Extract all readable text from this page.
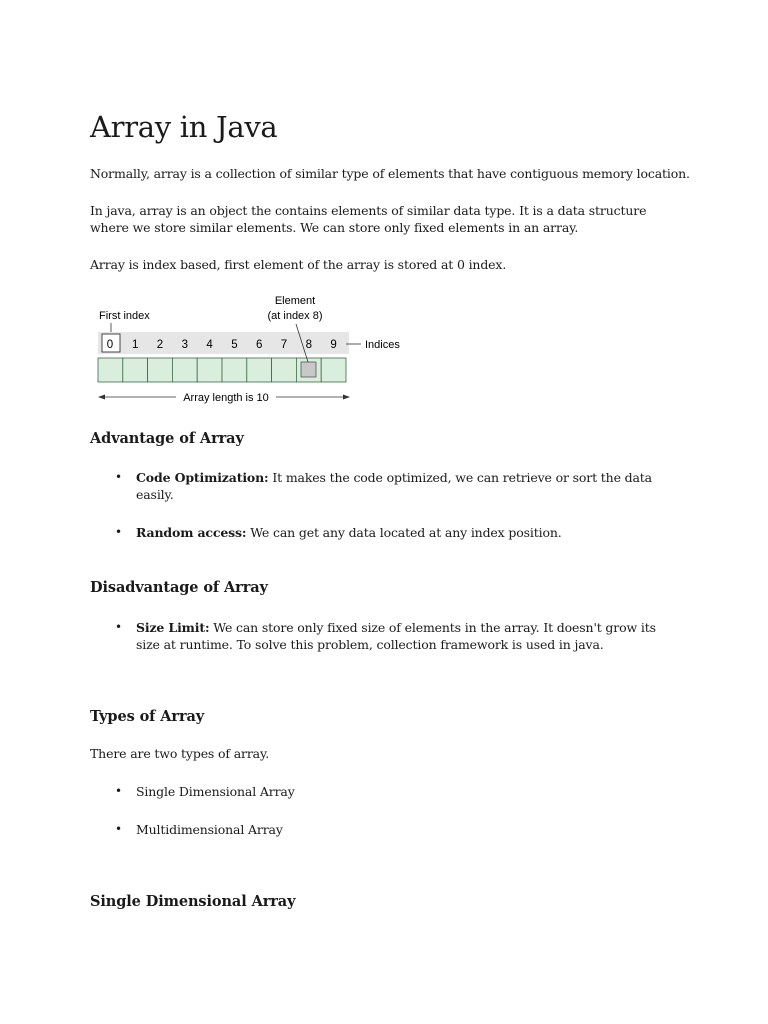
Array in Java

Normally, array is a collection of similar type of elements that have contiguous memory location.

In java, array is an object the contains elements of similar data type. It is a data structure where we store similar elements. We can store only fixed elements in an array.

Array is index based, first element of the array is stored at 0 index.

First index
Element
(at index 8)
0 1 2 3 4 5 6 7 8 9	Indices
Array length is 10
Advantage of Array
• Code Optimization: It makes the code optimized, we can retrieve or sort the data easily.
• Random access: We can get any data located at any index position.
Disadvantage of Array
• Size Limit: We can store only fixed size of elements in the array. It doesn't grow its size at runtime. To solve this problem, collection framework is used in java.
Types of Array

There are two types of array.

• Single Dimensional Array
• Multidimensional Array
Single Dimensional Array
